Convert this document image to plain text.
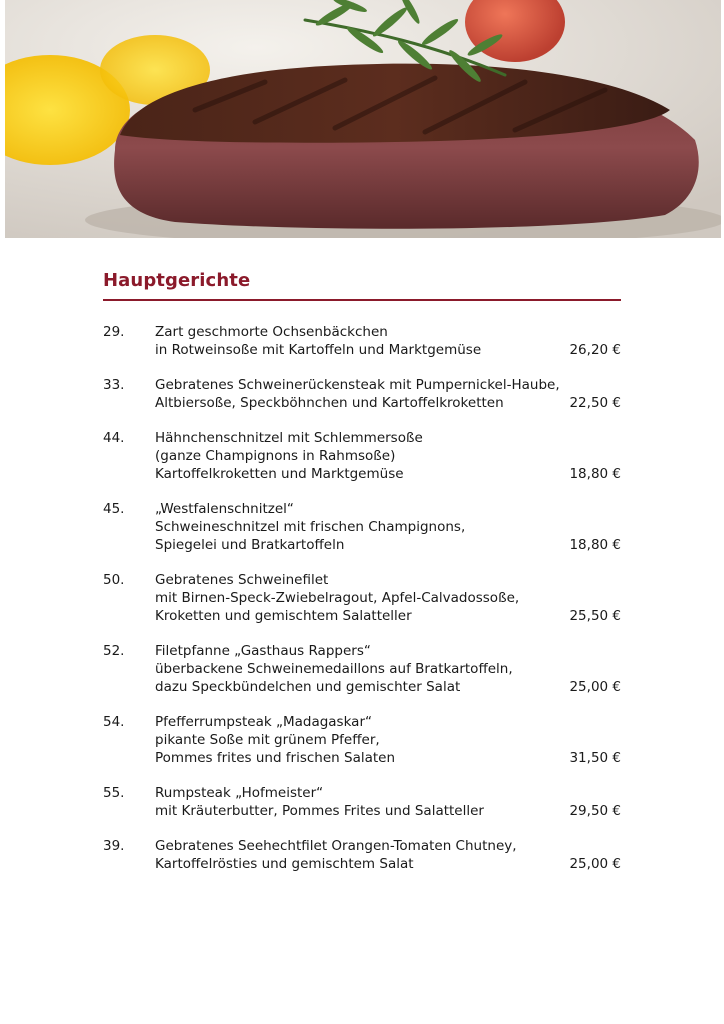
Hauptgerichte
29.	Zart geschmorte Ochsenbäckchen
in Rotweinsoße mit Kartoffeln und Marktgemüse	26,20 €
33.	Gebratenes Schweinerückensteak mit Pumpernickel-Haube,
Altbiersoße, Speckböhnchen und Kartoffelkroketten	22,50 €
44.	Hähnchenschnitzel mit Schlemmersoße
(ganze Champignons in Rahmsoße)
Kartoffelkroketten und Marktgemüse	18,80 €
45.	„Westfalenschnitzel“
Schweineschnitzel mit frischen Champignons,
Spiegelei und Bratkartoffeln	18,80 €
50.	Gebratenes Schweinefilet
mit Birnen-Speck-Zwiebelragout, Apfel-Calvadossoße,
Kroketten und gemischtem Salatteller	25,50 €
52.	Filetpfanne „Gasthaus Rappers“
überbackene Schweinemedaillons auf Bratkartoffeln,
dazu Speckbündelchen und gemischter Salat	25,00 €
54.	Pfefferrumpsteak „Madagaskar“
pikante Soße mit grünem Pfeffer,
Pommes frites und frischen Salaten	31,50 €
55.	Rumpsteak „Hofmeister“
mit Kräuterbutter, Pommes Frites und Salatteller	29,50 €
39.	Gebratenes Seehechtfilet Orangen-Tomaten Chutney,
Kartoffelrösties und gemischtem Salat	25,00 €
